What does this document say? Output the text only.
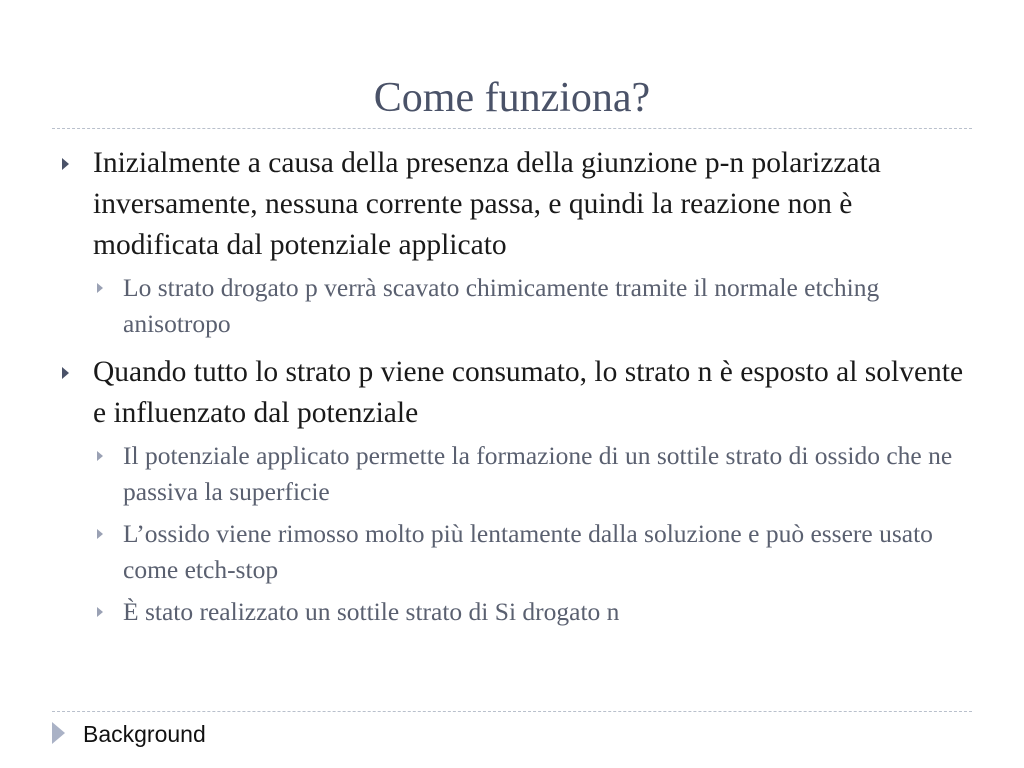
Come funziona?
Inizialmente a causa della presenza della giunzione p-n polarizzata inversamente, nessuna corrente passa, e quindi la reazione non è modificata dal potenziale applicato
Lo strato drogato p verrà scavato chimicamente tramite il normale etching anisotropo
Quando tutto lo strato p viene consumato, lo strato n è esposto al solvente e influenzato dal potenziale
Il potenziale applicato permette la formazione di un sottile strato di ossido che ne passiva la superficie
L’ossido viene rimosso molto più lentamente dalla soluzione e può essere usato come etch-stop
È stato realizzato un sottile strato di Si drogato n
Background
